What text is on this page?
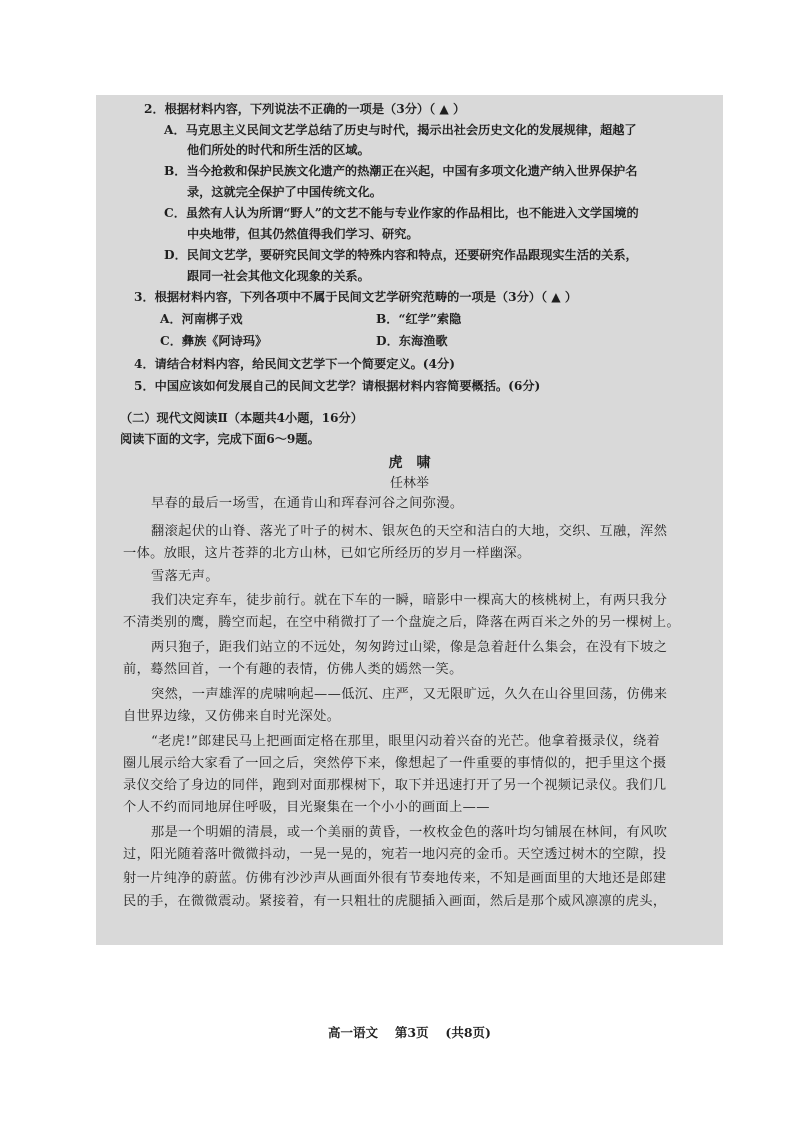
2．根据材料内容，下列说法不正确的一项是（3分）（ ▲ ）
A．马克思主义民间文艺学总结了历史与时代，揭示出社会历史文化的发展规律，超越了
他们所处的时代和所生活的区域。
B．当今抢救和保护民族文化遗产的热潮正在兴起，中国有多项文化遗产纳入世界保护名
录，这就完全保护了中国传统文化。
C．虽然有人认为所谓“野人”的文艺不能与专业作家的作品相比，也不能进入文学国境的
中央地带，但其仍然值得我们学习、研究。
D．民间文艺学，要研究民间文学的特殊内容和特点，还要研究作品跟现实生活的关系，
跟同一社会其他文化现象的关系。
3．根据材料内容，下列各项中不属于民间文艺学研究范畴的一项是（3分）（ ▲ ）
A．河南梆子戏	B．“红学”索隐
C．彝族《阿诗玛》	D．东海渔歌
4．请结合材料内容，给民间文艺学下一个简要定义。(4分)
5．中国应该如何发展自己的民间文艺学？请根据材料内容简要概括。(6分)
（二）现代文阅读Ⅱ（本题共4小题，16分）
阅读下面的文字，完成下面6～9题。
虎　啸
任林举
早春的最后一场雪，在通肯山和珲春河谷之间弥漫。
翻滚起伏的山脊、落光了叶子的树木、银灰色的天空和洁白的大地，交织、互融，浑然
一体。放眼，这片苍莽的北方山林，已如它所经历的岁月一样幽深。
雪落无声。
我们决定弃车，徒步前行。就在下车的一瞬，暗影中一棵高大的核桃树上，有两只我分
不清类别的鹰，腾空而起，在空中稍微打了一个盘旋之后，降落在两百米之外的另一棵树上。
两只狍子，距我们站立的不远处，匆匆跨过山梁，像是急着赶什么集会，在没有下坡之
前，蓦然回首，一个有趣的表情，仿佛人类的嫣然一笑。
突然，一声雄浑的虎啸响起——低沉、庄严，又无限旷远，久久在山谷里回荡，仿佛来
自世界边缘，又仿佛来自时光深处。
“老虎!”郎建民马上把画面定格在那里，眼里闪动着兴奋的光芒。他拿着摄录仪，绕着
圈儿展示给大家看了一回之后，突然停下来，像想起了一件重要的事情似的，把手里这个摄
录仪交给了身边的同伴，跑到对面那棵树下，取下并迅速打开了另一个视频记录仪。我们几
个人不约而同地屏住呼吸，目光聚集在一个小小的画面上——
那是一个明媚的清晨，或一个美丽的黄昏，一枚枚金色的落叶均匀铺展在林间，有风吹
过，阳光随着落叶微微抖动，一晃一晃的，宛若一地闪亮的金币。天空透过树木的空隙，投
射一片纯净的蔚蓝。仿佛有沙沙声从画面外很有节奏地传来，不知是画面里的大地还是郎建
民的手，在微微震动。紧接着，有一只粗壮的虎腿插入画面，然后是那个威风凛凛的虎头，
高一语文　 第3页　 (共8页)
